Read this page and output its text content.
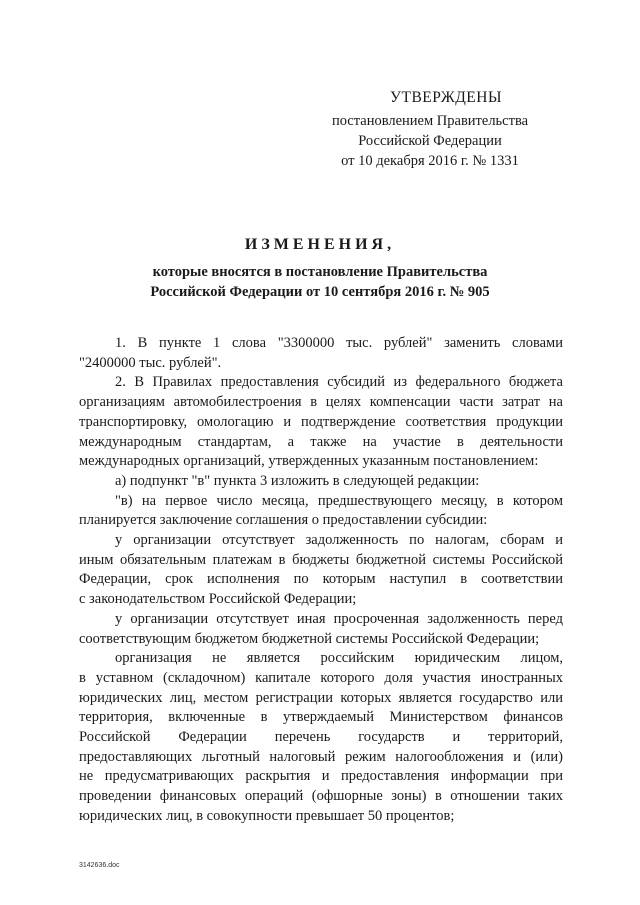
УТВЕРЖДЕНЫ
постановлением Правительства
Российской Федерации
от 10 декабря 2016 г. № 1331
ИЗМЕНЕНИЯ,
которые вносятся в постановление Правительства
Российской Федерации от 10 сентября 2016 г. № 905
1. В пункте 1 слова "3300000 тыс. рублей" заменить словами
"2400000 тыс. рублей".
2. В Правилах предоставления субсидий из федерального бюджета
организациям автомобилестроения в целях компенсации части затрат на
транспортировку, омологацию и подтверждение соответствия продукции
международным стандартам, а также на участие в деятельности
международных организаций, утвержденных указанным постановлением:
а) подпункт "в" пункта 3 изложить в следующей редакции:
"в) на первое число месяца, предшествующего месяцу, в котором
планируется заключение соглашения о предоставлении субсидии:
у организации отсутствует задолженность по налогам, сборам и
иным обязательным платежам в бюджеты бюджетной системы Российской
Федерации, срок исполнения по которым наступил в соответствии
с законодательством Российской Федерации;
у организации отсутствует иная просроченная задолженность перед
соответствующим бюджетом бюджетной системы Российской Федерации;
организация не является российским юридическим лицом,
в уставном (складочном) капитале которого доля участия иностранных
юридических лиц, местом регистрации которых является государство или
территория, включенные в утверждаемый Министерством финансов
Российской Федерации перечень государств и территорий,
предоставляющих льготный налоговый режим налогообложения и (или)
не предусматривающих раскрытия и предоставления информации при
проведении финансовых операций (офшорные зоны) в отношении таких
юридических лиц, в совокупности превышает 50 процентов;
3142636.doc
